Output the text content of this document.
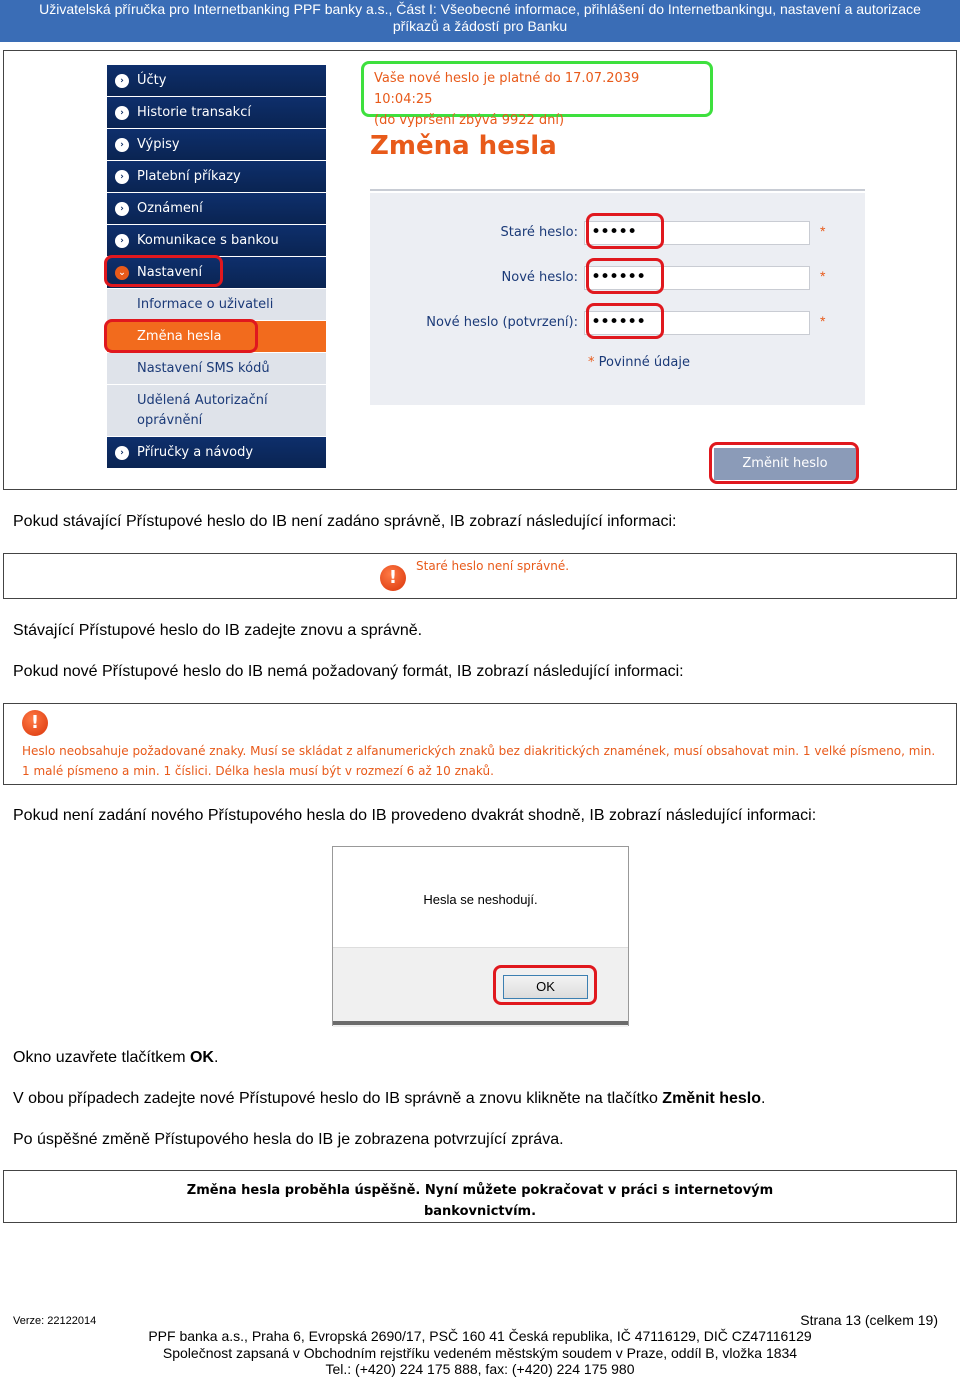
Uživatelská příručka pro Internetbanking PPF banky a.s., Část I: Všeobecné informace, přihlášení do Internetbankingu, nastavení a autorizace
příkazů a žádostí pro Banku
›	Účty
›	Historie transakcí
›	Výpisy
›	Platební příkazy
›	Oznámení
›	Komunikace s bankou
⌄ Nastavení
Informace o uživateli
Změna hesla
Nastavení SMS kódů
Udělená Autorizační
oprávnění
›	Příručky a návody
Vaše nové heslo je platné do 17.07.2039 10:04:25
(do vypršení zbývá 9922 dní)
Změna hesla
Staré heslo: •••••	*
Nové heslo: ••••••	*
Nové heslo (potvrzení): ••••••	*
* Povinné údaje
Změnit heslo
Pokud stávající Přístupové heslo do IB není zadáno správně, IB zobrazí následující informaci:
!
Staré heslo není správné.
Stávající Přístupové heslo do IB zadejte znovu a správně.
Pokud nové Přístupové heslo do IB nemá požadovaný formát, IB zobrazí následující informaci:
!
Heslo neobsahuje požadované znaky. Musí se skládat z alfanumerických znaků bez diakritických znamének, musí obsahovat min. 1 velké písmeno, min.
1 malé písmeno a min. 1 číslici. Délka hesla musí být v rozmezí 6 až 10 znaků.
Pokud není zadání nového Přístupového hesla do IB provedeno dvakrát shodně, IB zobrazí následující informaci:
Hesla se neshodují.
OK
Okno uzavřete tlačítkem OK.
V obou případech zadejte nové Přístupové heslo do IB správně a znovu klikněte na tlačítko Změnit heslo.
Po úspěšné změně Přístupového hesla do IB je zobrazena potvrzující zpráva.
Změna hesla proběhla úspěšně. Nyní můžete pokračovat v práci s internetovým
bankovnictvím.
Verze: 22122014	Strana 13 (celkem 19)
PPF banka a.s., Praha 6, Evropská 2690/17, PSČ 160 41 Česká republika, IČ 47116129, DIČ CZ47116129
Společnost zapsaná v Obchodním rejstříku vedeném městským soudem v Praze, oddíl B, vložka 1834
Tel.: (+420) 224 175 888, fax: (+420) 224 175 980
